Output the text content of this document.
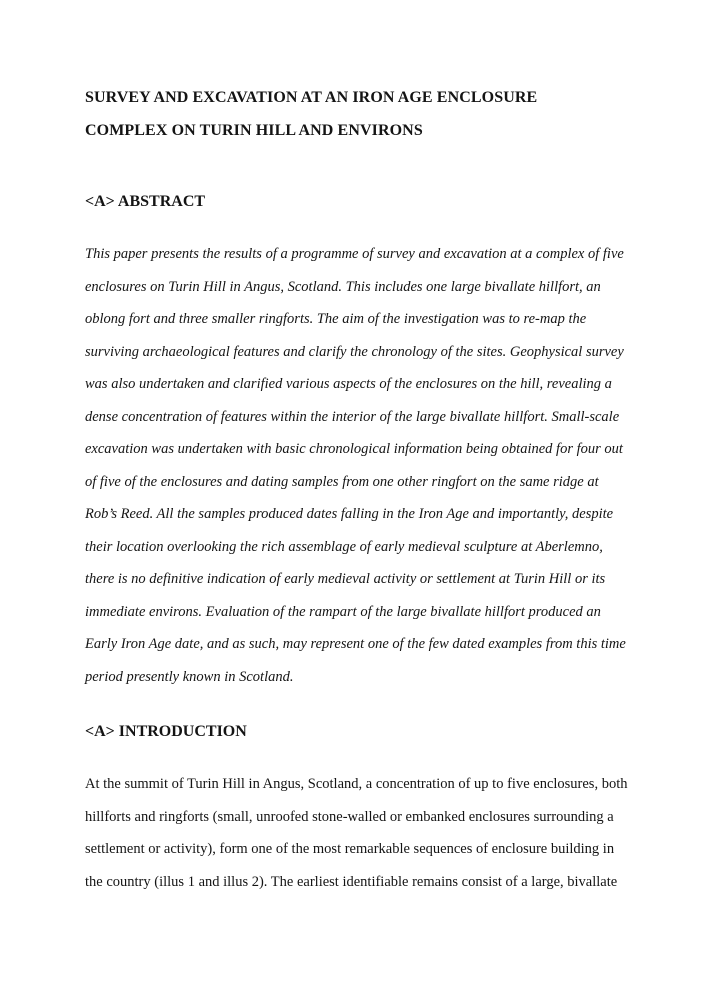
SURVEY AND EXCAVATION AT AN IRON AGE ENCLOSURE
COMPLEX ON TURIN HILL AND ENVIRONS
<A> ABSTRACT
This paper presents the results of a programme of survey and excavation at a complex of five
enclosures on Turin Hill in Angus, Scotland. This includes one large bivallate hillfort, an
oblong fort and three smaller ringforts. The aim of the investigation was to re-map the
surviving archaeological features and clarify the chronology of the sites. Geophysical survey
was also undertaken and clarified various aspects of the enclosures on the hill, revealing a
dense concentration of features within the interior of the large bivallate hillfort. Small-scale
excavation was undertaken with basic chronological information being obtained for four out
of five of the enclosures and dating samples from one other ringfort on the same ridge at
Rob’s Reed. All the samples produced dates falling in the Iron Age and importantly, despite
their location overlooking the rich assemblage of early medieval sculpture at Aberlemno,
there is no definitive indication of early medieval activity or settlement at Turin Hill or its
immediate environs. Evaluation of the rampart of the large bivallate hillfort produced an
Early Iron Age date, and as such, may represent one of the few dated examples from this time
period presently known in Scotland.
<A> INTRODUCTION
At the summit of Turin Hill in Angus, Scotland, a concentration of up to five enclosures, both
hillforts and ringforts (small, unroofed stone-walled or embanked enclosures surrounding a
settlement or activity), form one of the most remarkable sequences of enclosure building in
the country (illus 1 and illus 2). The earliest identifiable remains consist of a large, bivallate
